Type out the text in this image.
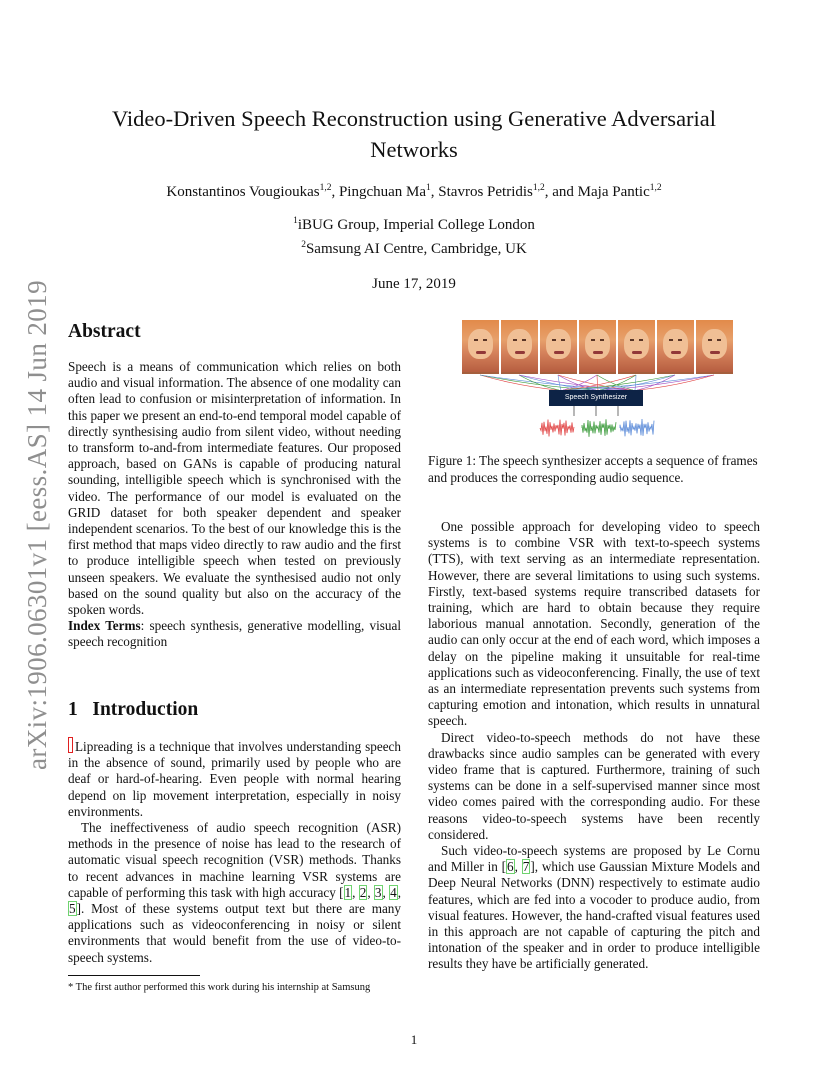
arXiv:1906.06301v1 [eess.AS] 14 Jun 2019
Video-Driven Speech Reconstruction using Generative Adversarial
Networks
Konstantinos Vougioukas$^{1,2}$, Pingchuan Ma$^1$, Stavros Petridis$^{1,2}$, and Maja Pantic$^{1,2}$
$^1$iBUG Group, Imperial College London
$^2$Samsung AI Centre, Cambridge, UK
June 17, 2019
Abstract

Speech is a means of communication which relies on both audio and visual information. The absence of one modality can often lead to confusion or misinterpretation of information. In this paper we present an end-to-end temporal model capable of directly synthesising audio from silent video, without needing to transform to-and-from intermediate features. Our proposed approach, based on GANs is capable of producing natural sounding, intelligible speech which is synchronised with the video. The performance of our model is evaluated on the GRID dataset for both speaker dependent and speaker independent scenarios. To the best of our knowledge this is the first method that maps video directly to raw audio and the first to produce intelligible speech when tested on previously unseen speakers. We evaluate the synthesised audio not only based on the sound quality but also on the accuracy of the spoken words.

Index Terms: speech synthesis, generative modelling, visual speech recognition

1 Introduction

Lipreading is a technique that involves understanding speech in the absence of sound, primarily used by people who are deaf or hard-of-hearing. Even people with normal hearing depend on lip movement interpretation, especially in noisy environments.

The ineffectiveness of audio speech recognition (ASR) methods in the presence of noise has lead to the research of automatic visual speech recognition (VSR) methods. Thanks to recent advances in machine learning VSR systems are capable of performing this task with high accuracy [1, 2, 3, 4, 5]. Most of these systems output text but there are many applications such as videoconferencing in noisy or silent environments that would benefit from the use of video-to-speech systems.

* The first author performed this work during his internship at Samsung
Speech Synthesizer

Figure 1: The speech synthesizer accepts a sequence of frames and produces the corresponding audio sequence.

One possible approach for developing video to speech systems is to combine VSR with text-to-speech systems (TTS), with text serving as an intermediate representation. However, there are several limitations to using such systems. Firstly, text-based systems require transcribed datasets for training, which are hard to obtain because they require laborious manual annotation. Secondly, generation of the audio can only occur at the end of each word, which imposes a delay on the pipeline making it unsuitable for real-time applications such as videoconferencing. Finally, the use of text as an intermediate representation prevents such systems from capturing emotion and intonation, which results in unnatural speech.

Direct video-to-speech methods do not have these drawbacks since audio samples can be generated with every video frame that is captured. Furthermore, training of such systems can be done in a self-supervised manner since most video comes paired with the corresponding audio. For these reasons video-to-speech systems have been recently considered.

Such video-to-speech systems are proposed by Le Cornu and Miller in [6, 7], which use Gaussian Mixture Models and Deep Neural Networks (DNN) respectively to estimate audio features, which are fed into a vocoder to produce audio, from visual features. However, the hand-crafted visual features used in this approach are not capable of capturing the pitch and intonation of the speaker and in order to produce intelligible results they have be artificially generated.

1
